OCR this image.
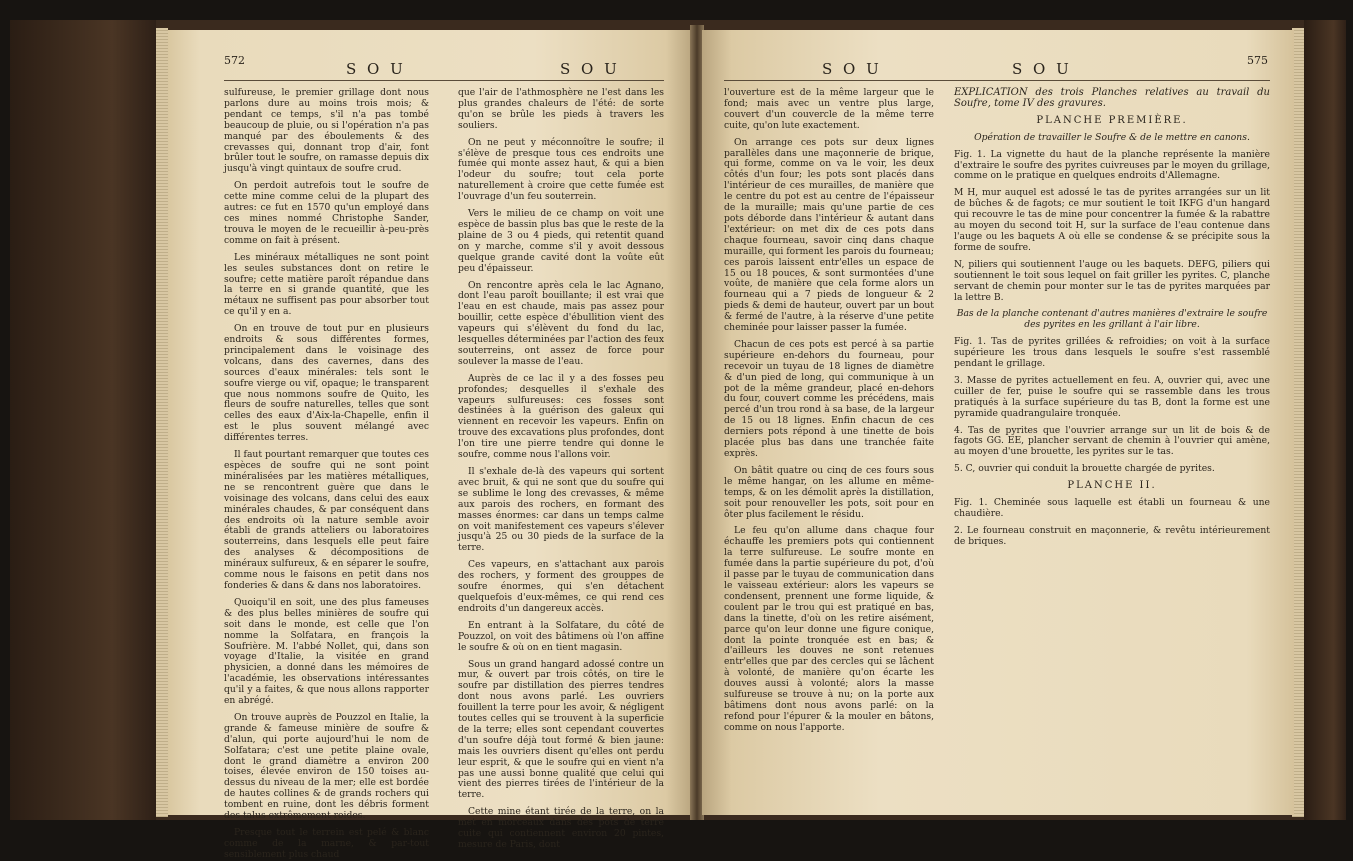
572	S O U	S O U

sulfureuse, le premier grillage dont nous parlons dure au moins trois mois; & pendant ce temps, s'il n'a pas tombé beaucoup de pluie, ou si l'opération n'a pas manqué par des éboulements & des crevasses qui, donnant trop d'air, font brûler tout le soufre, on ramasse depuis dix jusqu'à vingt quintaux de soufre crud.

On perdoit autrefois tout le soufre de cette mine comme celui de la plupart des autres: ce fut en 1570 qu'un employé dans ces mines nommé Christophe Sander, trouva le moyen de le recueillir à-peu-près comme on fait à présent.

Les minéraux métalliques ne sont point les seules substances dont on retire le soufre; cette matière paroît répandue dans la terre en si grande quantité, que les métaux ne suffisent pas pour absorber tout ce qu'il y en a.

On en trouve de tout pur en plusieurs endroits & sous différentes formes, principalement dans le voisinage des volcans, dans des cavernes, dans des sources d'eaux minérales: tels sont le soufre vierge ou vif, opaque; le transparent que nous nommons soufre de Quito, les fleurs de soufre naturelles, telles que sont celles des eaux d'Aix-la-Chapelle, enfin il est le plus souvent mélangé avec différentes terres.

Il faut pourtant remarquer que toutes ces espèces de soufre qui ne sont point minéralisées par les matières métalliques, ne se rencontrent guère que dans le voisinage des volcans, dans celui des eaux minérales chaudes, & par conséquent dans des endroits où la nature semble avoir établi de grands atteliers ou laboratoires souterreins, dans lesquels elle peut faire des analyses & décompositions de minéraux sulfureux, & en séparer le soufre, comme nous le faisons en petit dans nos fonderies & dans & dans nos laboratoires.

Quoiqu'il en soit, une des plus fameuses & des plus belles minières de soufre qui soit dans le monde, est celle que l'on nomme la Solfatara, en françois la Soufrière. M. l'abbé Nollet, qui, dans son voyage d'Italie, la visitée en grand physicien, a donné dans les mémoires de l'académie, les observations intéressantes qu'il y a faites, & que nous allons rapporter en abrégé.

On trouve auprès de Pouzzol en Italie, la grande & fameuse minière de soufre & d'alun, qui porte aujourd'hui le nom de Solfatara; c'est une petite plaine ovale, dont le grand diamètre a environ 200 toises, élevée environ de 150 toises au-dessus du niveau de la mer; elle est bordée de hautes collines & de grands rochers qui tombent en ruine, dont les débris forment des talus extrêmement roides.

Presque tout le terrein est pelé & blanc comme de la marne, & par-tout sensiblement plus chaud

que l'air de l'athmosphère ne l'est dans les plus grandes chaleurs de l'été: de sorte qu'on se brûle les pieds à travers les souliers.

On ne peut y méconnoître le soufre; il s'élève de presque tous ces endroits une fumée qui monte assez haut, & qui a bien l'odeur du soufre; tout cela porte naturellement à croire que cette fumée est l'ouvrage d'un feu souterrein.

Vers le milieu de ce champ on voit une espèce de bassin plus bas que le reste de la plaine de 3 ou 4 pieds, qui retentit quand on y marche, comme s'il y avoit dessous quelque grande cavité dont la voûte eût peu d'épaisseur.

On rencontre après cela le lac Agnano, dont l'eau paroît bouillante; il est vrai que l'eau en est chaude, mais pas assez pour bouillir, cette espèce d'ébullition vient des vapeurs qui s'élèvent du fond du lac, lesquelles déterminées par l'action des feux souterreins, ont assez de force pour soulever la masse de l'eau.

Auprès de ce lac il y a des fosses peu profondes; desquelles il s'exhale des vapeurs sulfureuses: ces fosses sont destinées à la guérison des galeux qui viennent en recevoir les vapeurs. Enfin on trouve des excavations plus profondes, dont l'on tire une pierre tendre qui donne le soufre, comme nous l'allons voir.

Il s'exhale de-là des vapeurs qui sortent avec bruit, & qui ne sont que du soufre qui se sublime le long des crevasses, & même aux parois des rochers, en formant des masses énormes: car dans un temps calme on voit manifestement ces vapeurs s'élever jusqu'à 25 ou 30 pieds de la surface de la terre.

Ces vapeurs, en s'attachant aux parois des rochers, y forment des grouppes de soufre énormes, qui s'en détachent quelquefois d'eux-mêmes, ce qui rend ces endroits d'un dangereux accès.

En entrant à la Solfatare, du côté de Pouzzol, on voit des bâtimens où l'on affine le soufre & où on en tient magasin.

Sous un grand hangard adossé contre un mur, & ouvert par trois côtés, on tire le soufre par distillation des pierres tendres dont nous avons parlé. Les ouvriers fouillent la terre pour les avoir, & négligent toutes celles qui se trouvent à la superficie de la terre; elles sont cependant couvertes d'un soufre déjà tout formé & bien jaune: mais les ouvriers disent qu'elles ont perdu leur esprit, & que le soufre qui en vient n'a pas une aussi bonne qualité que celui qui vient des pierres tirées de l'intérieur de la terre.

Cette mine étant tirée de la terre, on la met en morceaux dans des pots de terre cuite qui contiennent environ 20 pintes, mesure de Paris, dont

S O U	S O U	575

l'ouverture est de la même largeur que le fond; mais avec un ventre plus large, couvert d'un couvercle de la même terre cuite, qu'on lute exactement.

On arrange ces pots sur deux lignes parallèles dans une maçonnerie de brique, qui forme, comme on va le voir, les deux côtés d'un four; les pots sont placés dans l'intérieur de ces murailles, de manière que le centre du pot est au centre de l'épaisseur de la muraille; mais qu'une partie de ces pots déborde dans l'intérieur & autant dans l'extérieur: on met dix de ces pots dans chaque fourneau, savoir cinq dans chaque muraille, qui forment les parois du fourneau; ces parois laissent entr'elles un espace de 15 ou 18 pouces, & sont surmontées d'une voûte, de manière que cela forme alors un fourneau qui a 7 pieds de longueur & 2 pieds & demi de hauteur, ouvert par un bout & fermé de l'autre, à la réserve d'une petite cheminée pour laisser passer la fumée.

Chacun de ces pots est percé à sa partie supérieure en-dehors du fourneau, pour recevoir un tuyau de 18 lignes de diamètre & d'un pied de long, qui communique à un pot de la même grandeur, placé en-dehors du four, couvert comme les précédens, mais percé d'un trou rond à sa base, de la largeur de 15 ou 18 lignes. Enfin chacun de ces derniers pots répond à une tinette de bois placée plus bas dans une tranchée faite exprès.

On bâtit quatre ou cinq de ces fours sous le même hangar, on les allume en même-temps, & on les démolit après la distillation, soit pour renouveller les pots, soit pour en ôter plus facilement le résidu.

Le feu qu'on allume dans chaque four échauffe les premiers pots qui contiennent la terre sulfureuse. Le soufre monte en fumée dans la partie supérieure du pot, d'où il passe par le tuyau de communication dans le vaisseau extérieur: alors les vapeurs se condensent, prennent une forme liquide, & coulent par le trou qui est pratiqué en bas, dans la tinette, d'où on les retire aisément, parce qu'on leur donne une figure conique, dont la pointe tronquée est en bas; & d'ailleurs les douves ne sont retenues entr'elles que par des cercles qui se lâchent à volonté, de manière qu'on écarte les douves aussi à volonté; alors la masse sulfureuse se trouve à nu; on la porte aux bâtimens dont nous avons parlé: on la refond pour l'épurer & la mouler en bâtons, comme on nous l'apporte.

EXPLICATION des trois Planches relatives au travail du Soufre, tome IV des gravures.

PLANCHE PREMIÈRE.

Opération de travailler le Soufre & de le mettre en canons.

Fig. 1. La vignette du haut de la planche représente la manière d'extraire le soufre des pyrites cuivreuses par le moyen du grillage, comme on le pratique en quelques endroits d'Allemagne.

M H, mur auquel est adossé le tas de pyrites arrangées sur un lit de bûches & de fagots; ce mur soutient le toit IKFG d'un hangard qui recouvre le tas de mine pour concentrer la fumée & la rabattre au moyen du second toit H, sur la surface de l'eau contenue dans l'auge ou les baquets A où elle se condense & se précipite sous la forme de soufre.

N, piliers qui soutiennent l'auge ou les baquets. DEFG, piliers qui soutiennent le toit sous lequel on fait griller les pyrites. C, planche servant de chemin pour monter sur le tas de pyrites marquées par la lettre B.

Bas de la planche contenant d'autres manières d'extraire le soufre des pyrites en les grillant à l'air libre.

Fig. 1. Tas de pyrites grillées & refroidies; on voit à la surface supérieure les trous dans lesquels le soufre s'est rassemblé pendant le grillage.

3. Masse de pyrites actuellement en feu. A, ouvrier qui, avec une cuiller de fer, puise le soufre qui se rassemble dans les trous pratiqués à la surface supérieure du tas B, dont la forme est une pyramide quadrangulaire tronquée.

4. Tas de pyrites que l'ouvrier arrange sur un lit de bois & de fagots GG. EE, plancher servant de chemin à l'ouvrier qui amène, au moyen d'une brouette, les pyrites sur le tas.

5. C, ouvrier qui conduit la brouette chargée de pyrites.

PLANCHE II.

Fig. 1. Cheminée sous laquelle est établi un fourneau & une chaudière.

2. Le fourneau construit en maçonnerie, & revêtu intérieurement de briques.
